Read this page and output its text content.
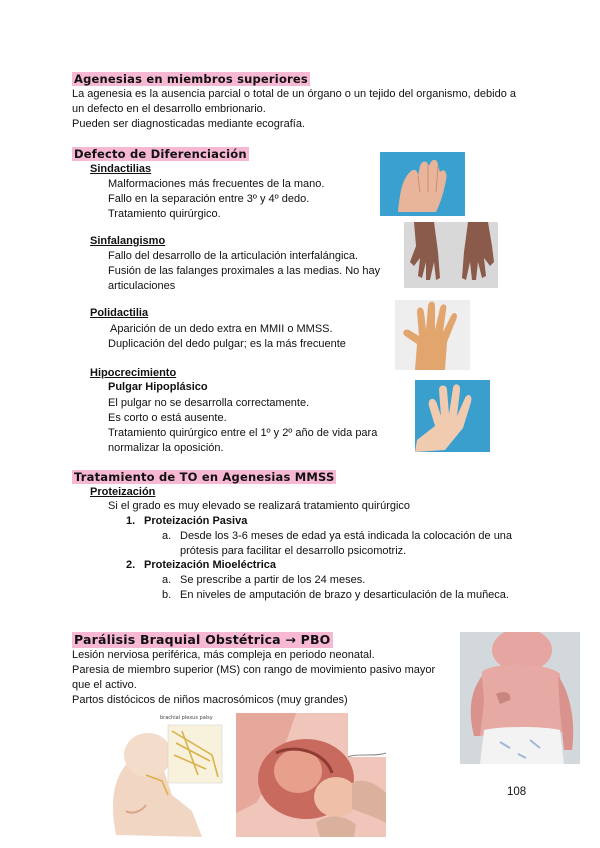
Agenesias en miembros superiores
La agenesia es la ausencia parcial o total de un órgano o un tejido del organismo, debido a
un defecto en el desarrollo embrionario.
Pueden ser diagnosticadas mediante ecografía.
Defecto de Diferenciación
Sindactilias
Malformaciones más frecuentes de la mano.
Fallo en la separación entre 3º y 4º dedo.
Tratamiento quirúrgico.
Sinfalangismo
Fallo del desarrollo de la articulación interfalángica.
Fusión de las falanges proximales a las medias. No hay
articulaciones
Polidactilia
Aparición de un dedo extra en MMII o MMSS.
Duplicación del dedo pulgar; es la más frecuente
Hipocrecimiento
Pulgar Hipoplásico
El pulgar no se desarrolla correctamente.
Es corto o está ausente.
Tratamiento quirúrgico entre el 1º y 2º año de vida para
normalizar la oposición.
Tratamiento de TO en Agenesias MMSS
Proteización
Si el grado es muy elevado se realizará tratamiento quirúrgico
1. Proteización Pasiva
a. Desde los 3-6 meses de edad ya está indicada la colocación de una
prótesis para facilitar el desarrollo psicomotriz.
2. Proteización Mioeléctrica
a. Se prescribe a partir de los 24 meses.
b. En niveles de amputación de brazo y desarticulación de la muñeca.
Parálisis Braquial Obstétrica → PBO
Lesión nerviosa periférica, más compleja en periodo neonatal.
Paresia de miembro superior (MS) con rango de movimiento pasivo mayor
que el activo.
Partos distócicos de niños macrosómicos (muy grandes)
brachial plexus palsy
108
